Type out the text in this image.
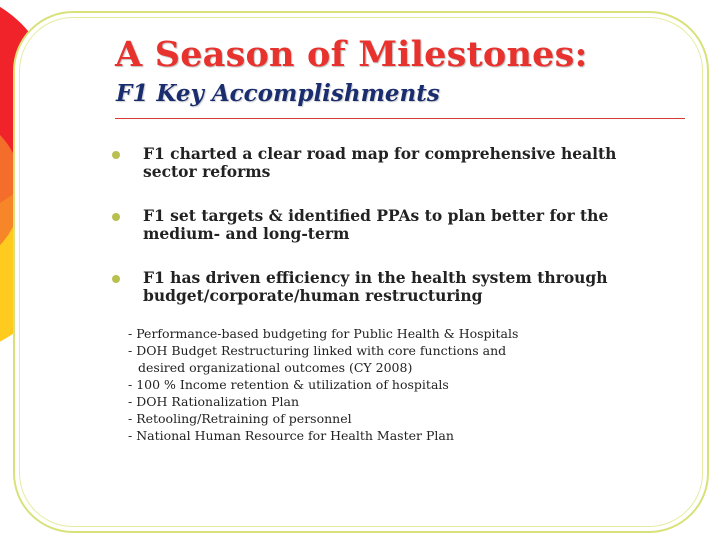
A Season of Milestones:
F1 Key Accomplishments
F1 charted a clear road map for comprehensive health sector reforms
F1 set targets & identified PPAs to plan better for the medium- and long-term
F1 has driven efficiency in the health system through budget/corporate/human restructuring
- Performance-based budgeting for Public Health & Hospitals
- DOH Budget Restructuring linked with core functions and desired organizational outcomes (CY 2008)
- 100 % Income retention & utilization of hospitals
- DOH Rationalization Plan
- Retooling/Retraining of personnel
- National Human Resource for Health Master Plan
